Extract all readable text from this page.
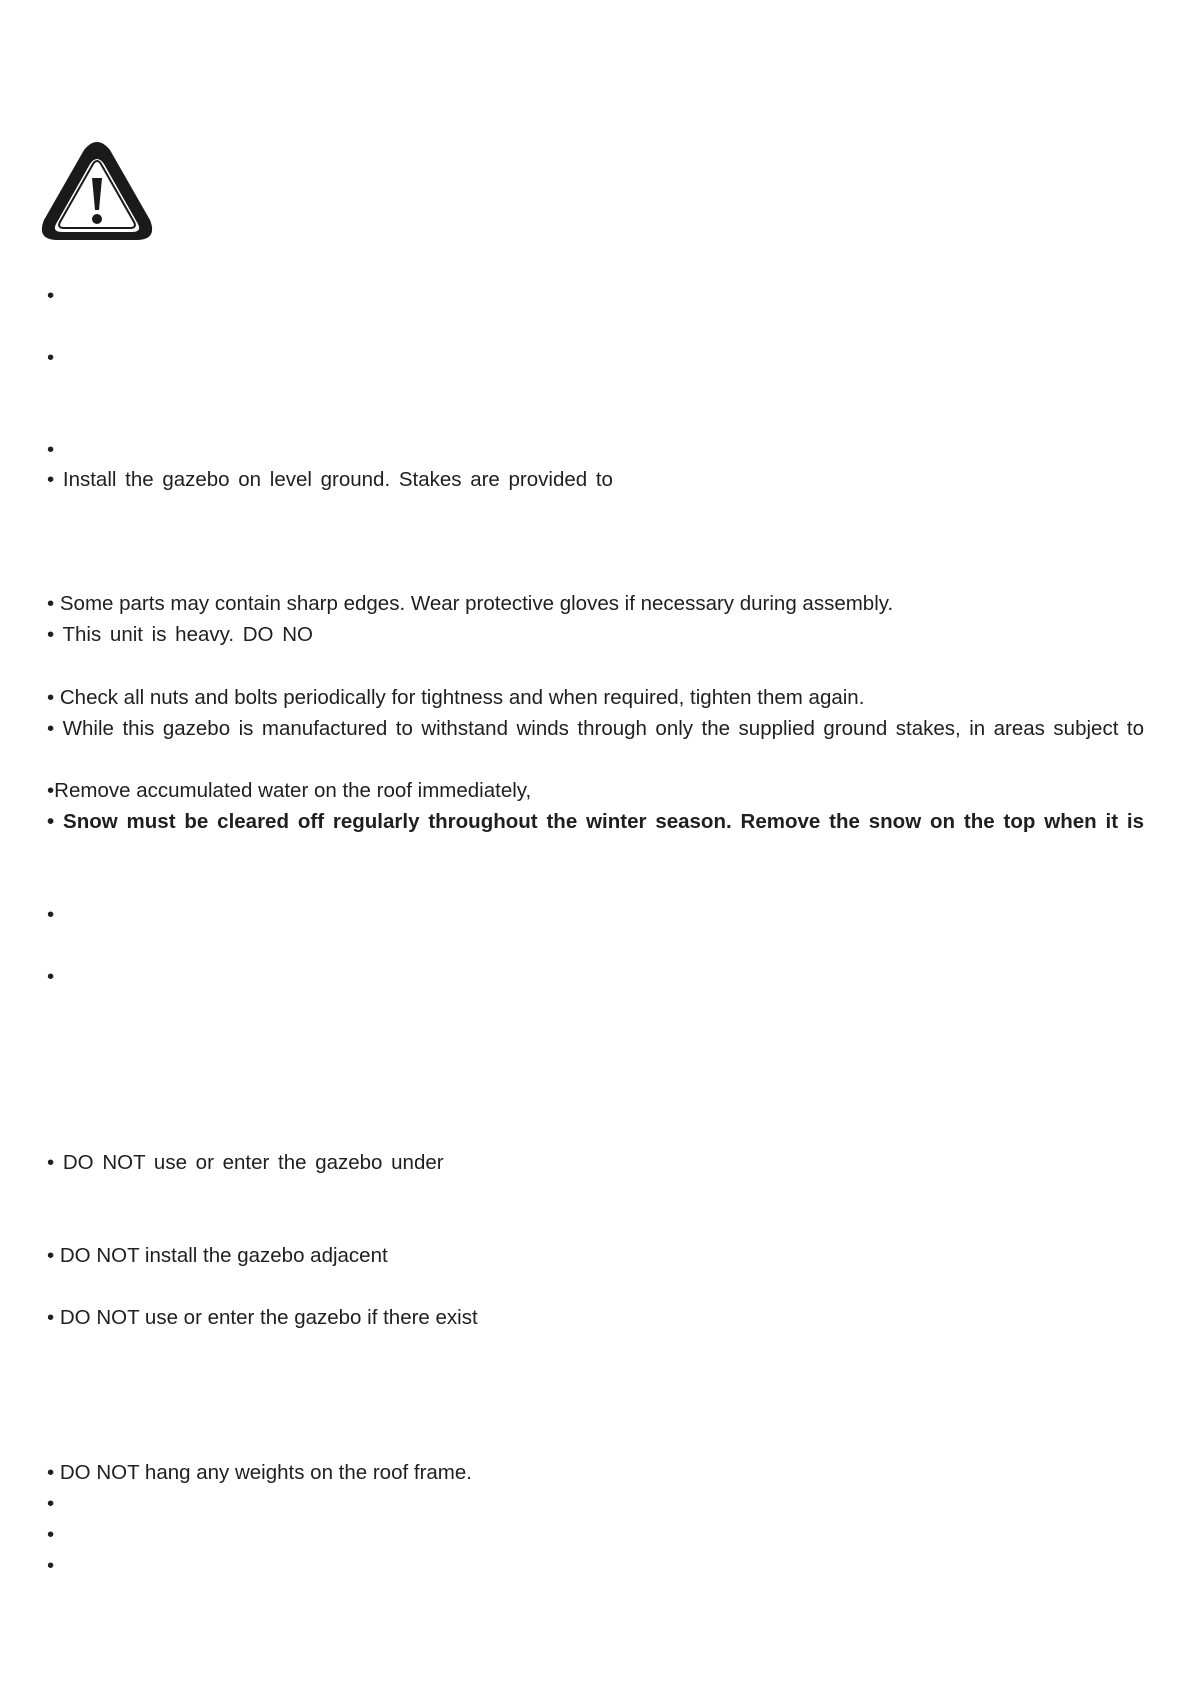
•
•
•
• Install the gazebo on level ground. Stakes are provided to
• Some parts may contain sharp edges. Wear protective gloves if necessary during assembly.
• This unit is heavy. DO NO
• Check all nuts and bolts periodically for tightness and when required, tighten them again.
• While this gazebo is manufactured to withstand winds through only the supplied ground stakes, in areas subject to
•Remove accumulated water on the roof immediately,
• Snow must be cleared off regularly throughout the winter season. Remove the snow on the top when it is
•
•
• DO NOT use or enter the gazebo under
• DO NOT install the gazebo adjacent
• DO NOT use or enter the gazebo if there exist
• DO NOT hang any weights on the roof frame.
•
•
•
